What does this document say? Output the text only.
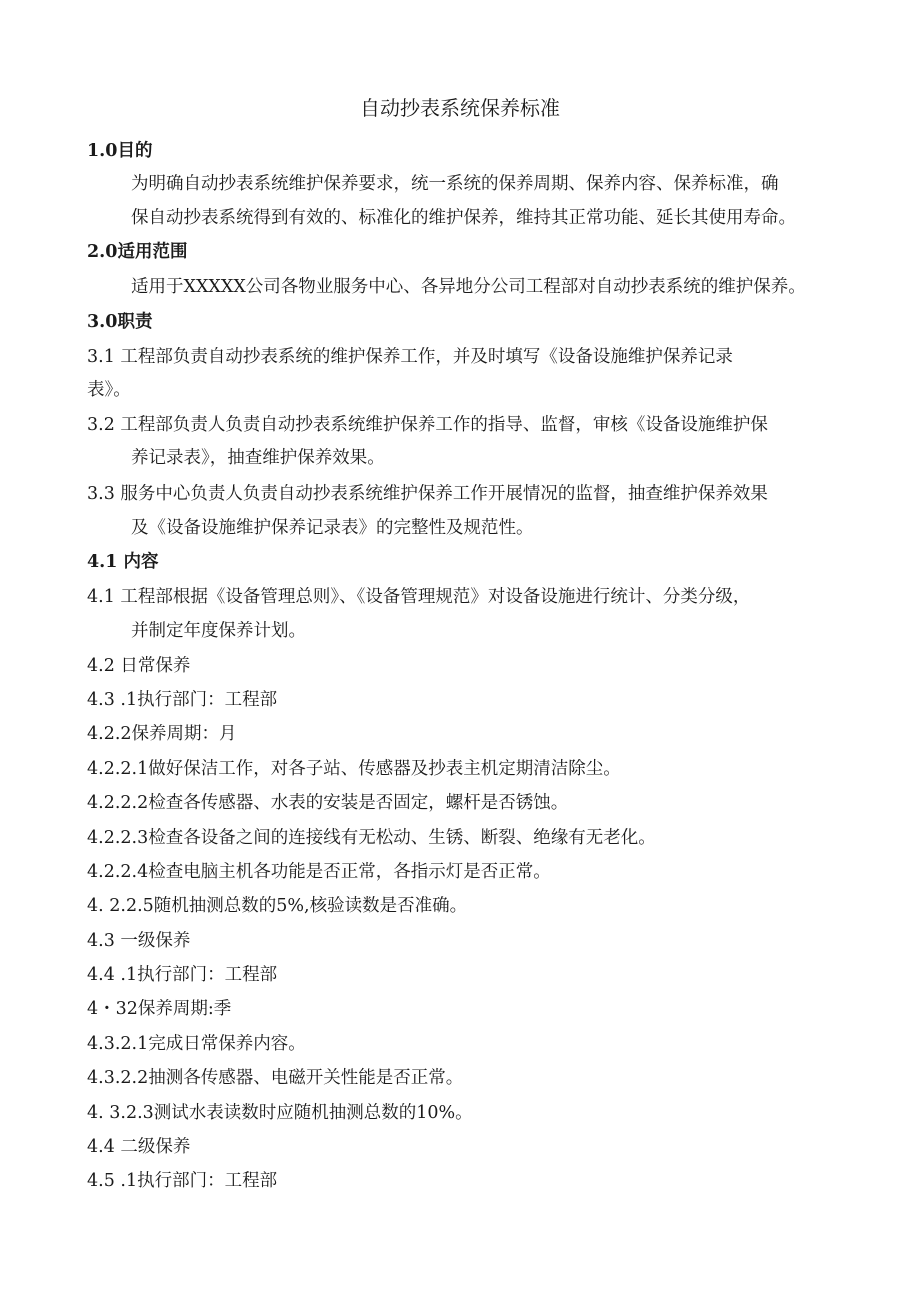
自动抄表系统保养标准
1.0目的
为明确自动抄表系统维护保养要求，统一系统的保养周期、保养内容、保养标准，确
保自动抄表系统得到有效的、标准化的维护保养，维持其正常功能、延长其使用寿命。
2.0适用范围
适用于XXXXX公司各物业服务中心、各异地分公司工程部对自动抄表系统的维护保养。
3.0职责
3.1 工程部负责自动抄表系统的维护保养工作，并及时填写《设备设施维护保养记录
表》。
3.2 工程部负责人负责自动抄表系统维护保养工作的指导、监督，审核《设备设施维护保
养记录表》，抽查维护保养效果。
3.3 服务中心负责人负责自动抄表系统维护保养工作开展情况的监督，抽查维护保养效果
及《设备设施维护保养记录表》的完整性及规范性。
4.1 内容
4.1 工程部根据《设备管理总则》、《设备管理规范》对设备设施进行统计、分类分级，
并制定年度保养计划。
4.2 日常保养
4.3 .1执行部门：工程部
4.2.2保养周期：月
4.2.2.1做好保洁工作，对各子站、传感器及抄表主机定期清洁除尘。
4.2.2.2检查各传感器、水表的安装是否固定，螺杆是否锈蚀。
4.2.2.3检查各设备之间的连接线有无松动、生锈、断裂、绝缘有无老化。
4.2.2.4检查电脑主机各功能是否正常，各指示灯是否正常。
4. 2.2.5随机抽测总数的5%,核验读数是否准确。
4.3 一级保养
4.4 .1执行部门：工程部
4・32保养周期:季
4.3.2.1完成日常保养内容。
4.3.2.2抽测各传感器、电磁开关性能是否正常。
4. 3.2.3测试水表读数时应随机抽测总数的10%。
4.4 二级保养
4.5 .1执行部门：工程部
